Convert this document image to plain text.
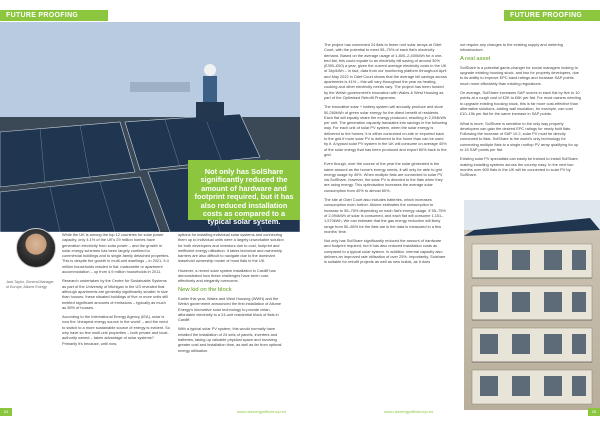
FUTURE PROOFING
Not only has SolShare significantly reduced the amount of hardware and footprint required, but it has also reduced installation costs as compared to a typical solar system.
Jack Taylor, General Manager of Europe, Allume Energy

While the UK is among the top 12 countries for solar power capacity, only 4.1% of the UK's 29 million homes have generation electricity from solar power – and the growth in solar energy schemes has been largely confined to commercial buildings and to single-family detached properties. This is despite the growth in multi-unit dwellings – in 2021, 5.4 million households resided in flat, maisonette or apartment accommodation – up from 4.9 million households in 2011.

Research undertaken by the Centre for Sustainable Systems as part of the University of Michigan in the US revealed that although apartments are generally significantly smaller in size than houses, these situated buildings of five or more units still emitted significant amounts of emissions – typically as much as 55% of houses.

According to the International Energy Agency (IEA), solar is now the 'cheapest energy source in the world' – and the need to switch to a more sustainable source of energy is evident. So why have so few multi-unit properties – both private and local-authority owned – taken advantage of solar systems? Primarily it's because, until now,

options for installing individual solar systems and connecting them up to individual units were a largely unworkable solution for both developers and investors due to cost, footprint and inefficient energy utilisation. It takes technical and ownership barriers are also difficult to navigate due to the dominant leasehold ownership model of most flats in the UK.

However, a recent solar system installation in Cardiff has demonstrated how these challenges have been cost-effectively and elegantly overcome.

New kid on the block

Earlier this year, Wales and West Housing (WWH) and the Welsh government announced the first installation of Allume Energy's innovative solar technology to provide clean, affordable electricity to a 24-unit residential block of flats in Cardiff.

With a typical solar PV system, this would normally have entailed the installation of 24 sets of panels, inverters and batteries, taking up valuable physical space and involving greater cost and installation time, as well as far from optimal energy utilisation.

24	www.ukenergyefficiency.net
FUTURE PROOFING

The project has connected 24 flats to fewer roof solar arrays at Odet Court, with the potential to meet 55–75% of each flat's electricity demand. Based on the average usage of 1,800–2,400kWh for a one-bed flat, this could equate to an electricity bill saving of around 30% (£390–£50) a year, given the current average electricity costs in the UK of 34p/kWh – in fact, data from our monitoring platform throughout April and May 2022 in Odet Court shows that the average bill savings across apartments is 41% – this will vary throughout the year as heating, cooking and other electricity needs vary. The project has been funded by the Welsh government's innovation with Wales & West Housing as part of the Optimised Retrofit Programme.

The innovative solar + battery system will annually produce and store 50,260kWh of green solar energy for the direct benefit of residents. Each flat will equally share the energy produced, resulting in 2,094kWh per unit. The generation capacity translates into savings in the following way. For each unit of solar PV system, when the solar energy is delivered to the homes, it is either consumed on-site or exported back to the grid if more solar PV is delivered to the home than can be used by it. A typical solar PV system in the UK will consume on average 40% of the solar energy that has been produced and export 60% back to the grid.

Even though, over the course of the year the solar generated is the same amount as the home's energy needs, it will only be able to grid energy usage by 40%. When multiple flats are connected to solar PV via SolShare, however, the solar PV is directed to the flats when they are using energy. This optimisation increases the average solar consumption from 40% to almost 60%.

The site at Odet Court also includes batteries, which increases consumption even further. Allume estimates the consumption to increase to 55–75% depending on each flat's energy usage. If 55–75% of 2,094kWh of solar is consumed, and each flat will consume 1,151–1,570kWh. We can estimate that the gas energy reduction will likely range from 50–85% for the flats are is the data is measured in a few months' time.

Not only has SolShare significantly reduced the amount of hardware and footprint required, but it has also reduced installation costs as compared to a typical solar system. In addition, internal capacity also delivers an improved rate utilisation of over 25%. Importantly, Solshare is suitable for retrofit projects as well as new builds, as it does

not require any changes to the existing supply and metering infrastructure.

A real asset

SolShare is a potential game-changer for social managers looking to upgrade existing housing stock, and two for property developers, due to its ability to improve EPC band ratings and increase SAP points much more affordably than existing regulations.

On average, SolShare increases SAP scores in each flat by five to 10 points at a rough cost of £2K to £6K per flat. For most owners needing to upgrade existing housing stock, this is far more cost-effective than alternative solutions, adding wall insulation, for example, can cost £10–15k per flat for the same increase in SAP points.

What is more, SolShare is sensitive to the only way property developers can gain the desired EPC ratings for newly built flats. Following the increase of SAP 10.2, solar PV must be directly connected to flats. SolShare is the world's only technology for connecting multiple flats to a single rooftop PV array qualifying for up to 15 SAP points per flat.

Existing solar PV specialists can easily be trained to install SolShare, making installing systems across the country easy. In the next two months over 600 flats in the UK will be connected to solar PV by SolShare.

www.ukenergyefficiency.net	25
